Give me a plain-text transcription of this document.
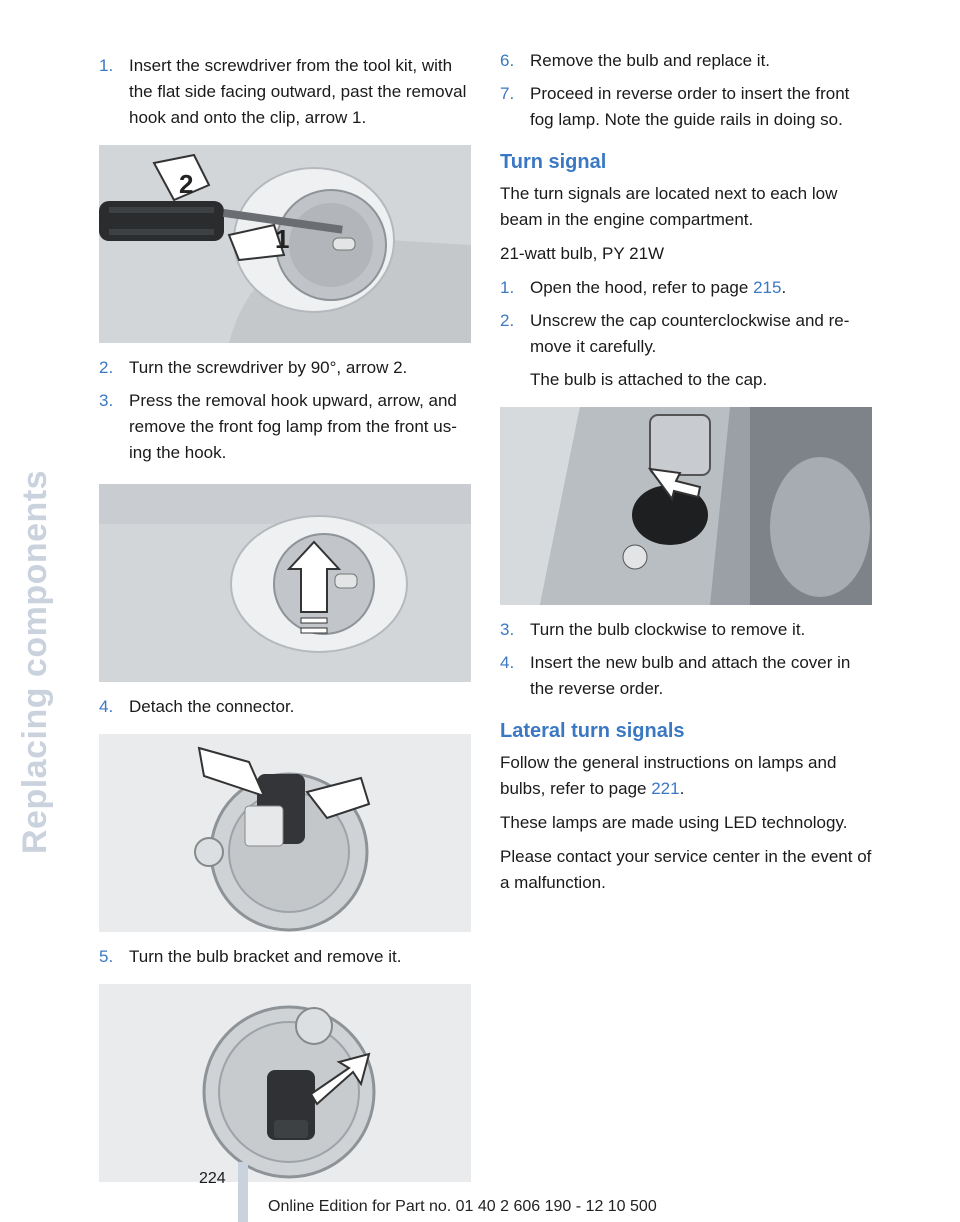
Replacing components
1. Insert the screwdriver from the tool kit, with the flat side facing outward, past the removal hook and onto the clip, arrow 1.
2
1
2. Turn the screwdriver by 90°, arrow 2.
3. Press the removal hook upward, arrow, and remove the front fog lamp from the front us-ing the hook.
4. Detach the connector.
5. Turn the bulb bracket and remove it.
6. Remove the bulb and replace it.
7. Proceed in reverse order to insert the front fog lamp. Note the guide rails in doing so.
Turn signal
The turn signals are located next to each low beam in the engine compartment.
21-watt bulb, PY 21W
1. Open the hood, refer to page 215.
2. Unscrew the cap counterclockwise and re-move it carefully.
The bulb is attached to the cap.
3. Turn the bulb clockwise to remove it.
4. Insert the new bulb and attach the cover in the reverse order.
Lateral turn signals
Follow the general instructions on lamps and bulbs, refer to page 221.
These lamps are made using LED technology.
Please contact your service center in the event of a malfunction.
224
Online Edition for Part no. 01 40 2 606 190 - 12 10 500
